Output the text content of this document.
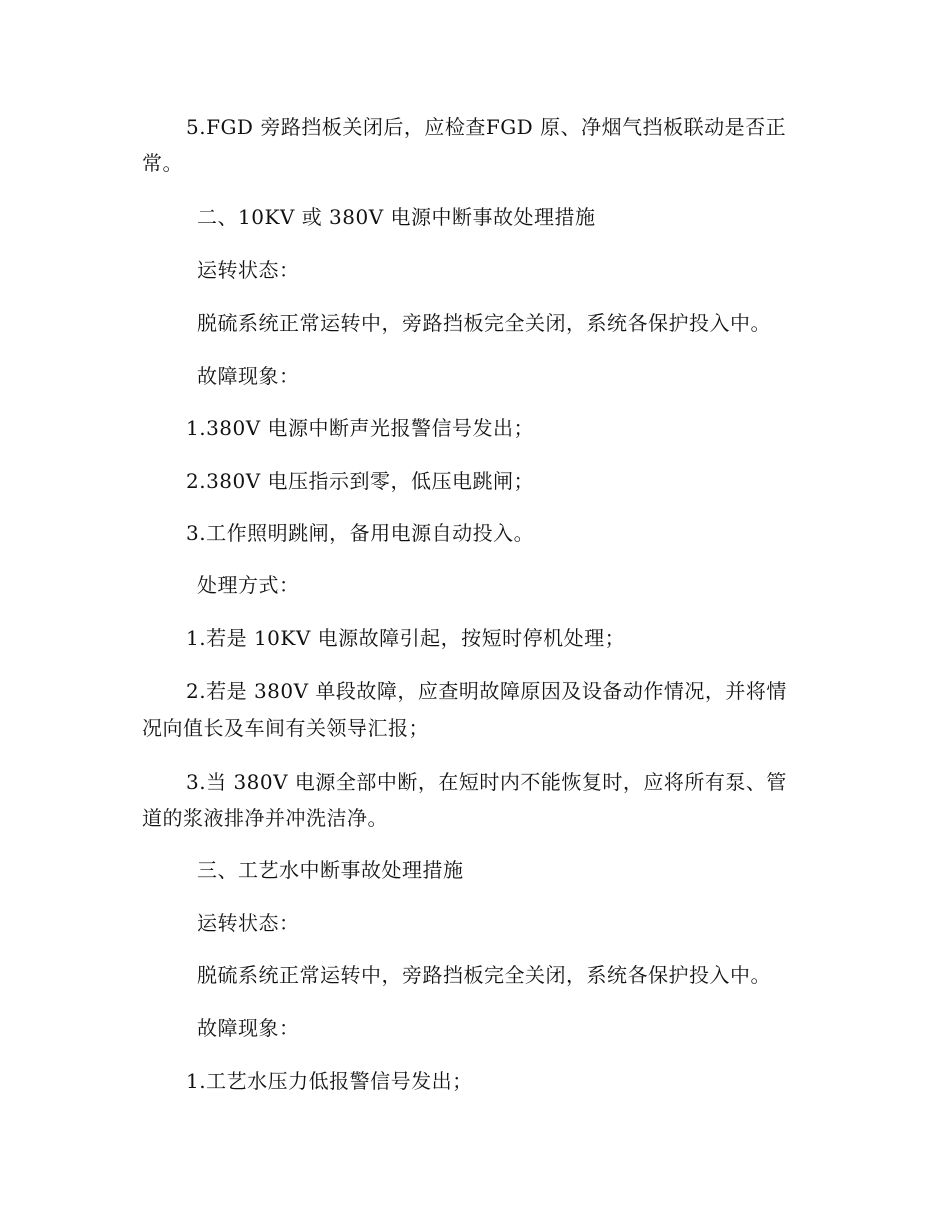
5.FGD 旁路挡板关闭后，应检查FGD 原、净烟气挡板联动是否正
常。
二、10KV 或 380V 电源中断事故处理措施
运转状态：
脱硫系统正常运转中，旁路挡板完全关闭，系统各保护投入中。
故障现象：
1.380V 电源中断声光报警信号发出；
2.380V 电压指示到零，低压电跳闸；
3.工作照明跳闸，备用电源自动投入。
处理方式：
1.若是 10KV 电源故障引起，按短时停机处理；
2.若是 380V 单段故障，应查明故障原因及设备动作情况，并将情
况向值长及车间有关领导汇报；
3.当 380V 电源全部中断，在短时内不能恢复时，应将所有泵、管
道的浆液排净并冲洗洁净。
三、工艺水中断事故处理措施
运转状态：
脱硫系统正常运转中，旁路挡板完全关闭，系统各保护投入中。
故障现象：
1.工艺水压力低报警信号发出；
